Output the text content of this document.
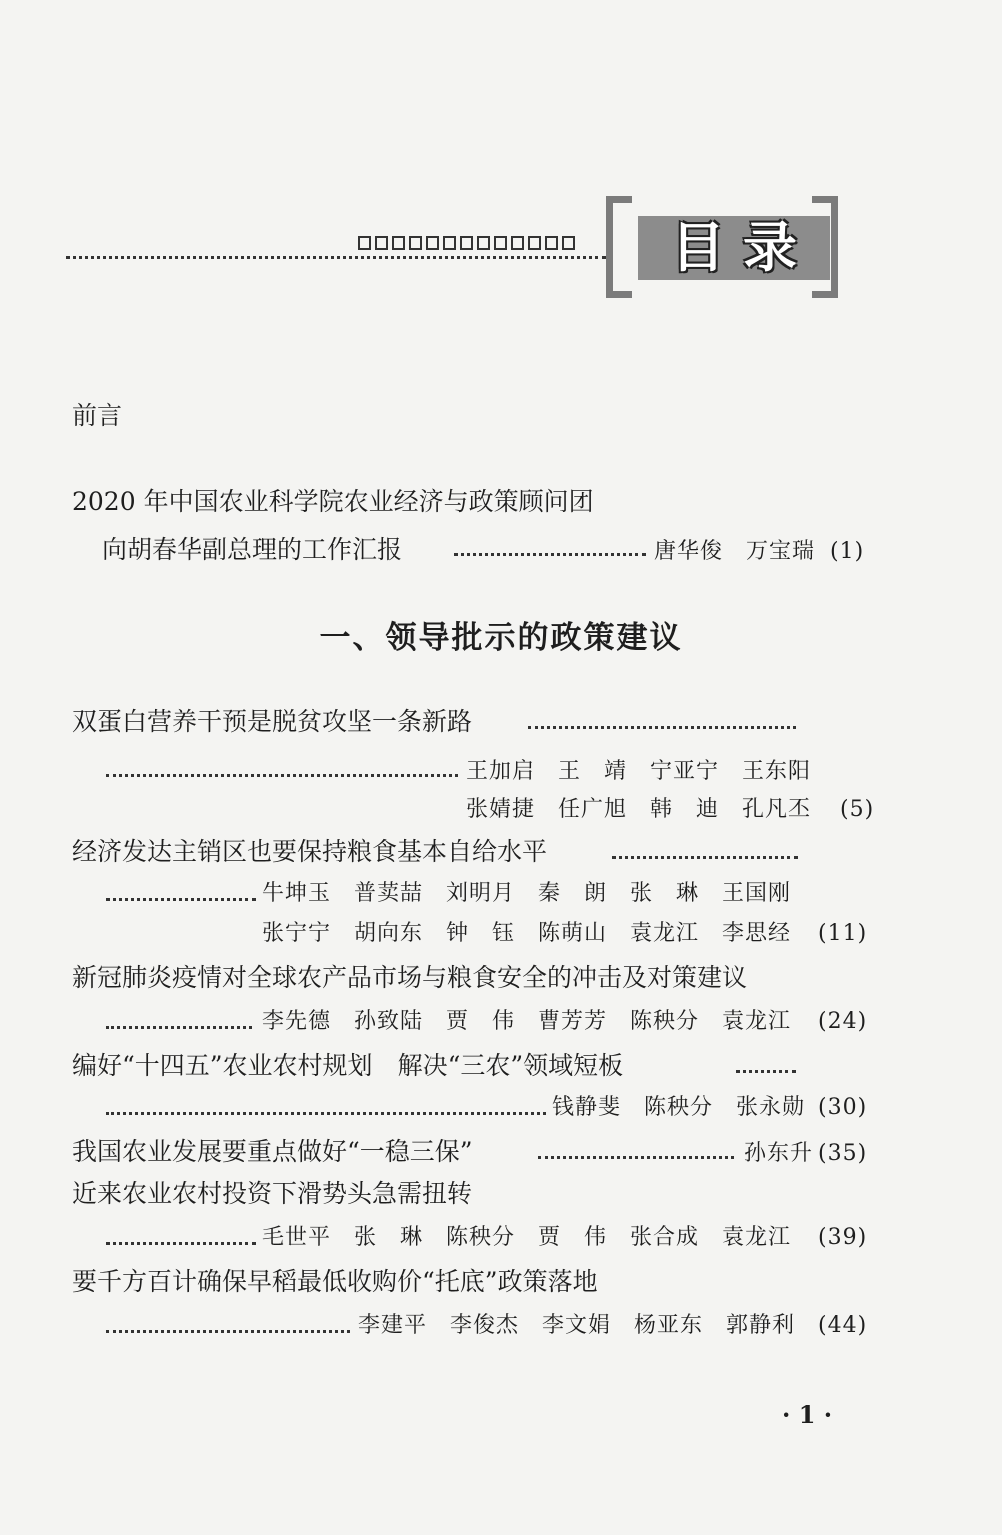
目录
前言
2020 年中国农业科学院农业经济与政策顾问团
向胡春华副总理的工作汇报	唐华俊　万宝瑞 (1)
一、领导批示的政策建议
双蛋白营养干预是脱贫攻坚一条新路
王加启　王　靖　宁亚宁　王东阳
张婧捷　任广旭　韩　迪　孔凡丕 (5)
经济发达主销区也要保持粮食基本自给水平
牛坤玉　普荬喆　刘明月　秦　朗　张　琳　王国刚
张宁宁　胡向东　钟　钰　陈萌山　袁龙江　李思经 (11)
新冠肺炎疫情对全球农产品市场与粮食安全的冲击及对策建议
李先德　孙致陆　贾　伟　曹芳芳　陈秧分　袁龙江 (24)
编好“十四五”农业农村规划　解决“三农”领域短板
钱静斐　陈秧分　张永勋 (30)
我国农业发展要重点做好“一稳三保”	孙东升 (35)
近来农业农村投资下滑势头急需扭转
毛世平　张　琳　陈秧分　贾　伟　张合成　袁龙江 (39)
要千方百计确保早稻最低收购价“托底”政策落地
李建平　李俊杰　李文娟　杨亚东　郭静利 (44)
· 1 ·
